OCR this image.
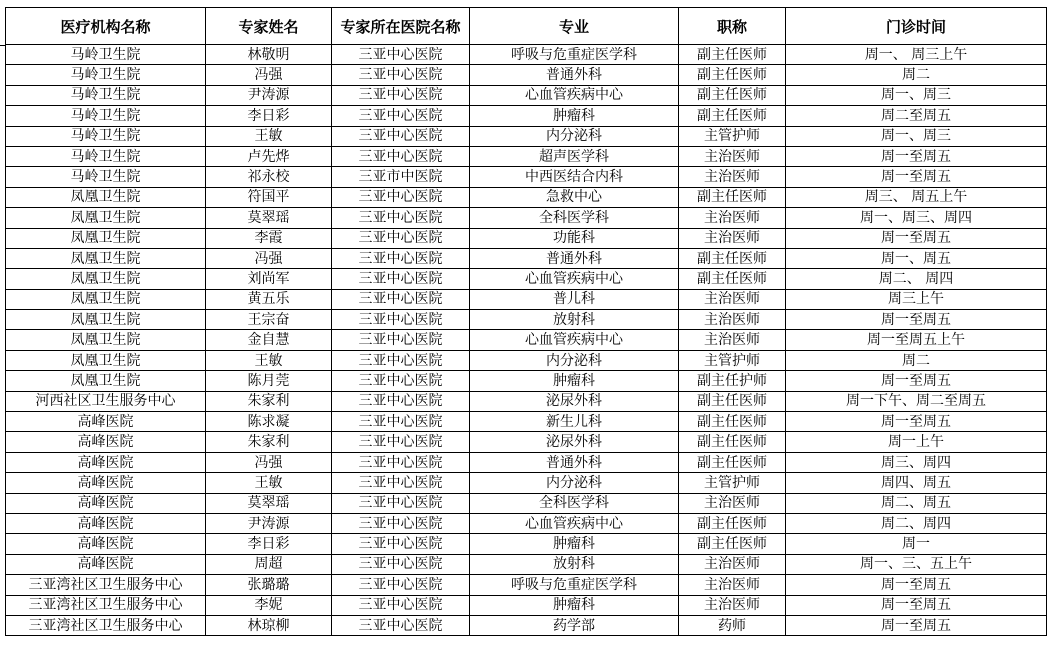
医疗机构名称	专家姓名	专家所在医院名称	专业	职称	门诊时间
马岭卫生院	林敬明	三亚中心医院	呼吸与危重症医学科	副主任医师	周一、 周三上午
马岭卫生院	冯强	三亚中心医院	普通外科	副主任医师	周二
马岭卫生院	尹涛源	三亚中心医院	心血管疾病中心	副主任医师	周一、周三
马岭卫生院	李日彩	三亚中心医院	肿瘤科	副主任医师	周二至周五
马岭卫生院	王敏	三亚中心医院	内分泌科	主管护师	周一、周三
马岭卫生院	卢先烨	三亚中心医院	超声医学科	主治医师	周一至周五
马岭卫生院	祁永校	三亚市中医院	中西医结合内科	主治医师	周一至周五
凤凰卫生院	符国平	三亚中心医院	急救中心	副主任医师	周三、 周五上午
凤凰卫生院	莫翠瑶	三亚中心医院	全科医学科	主治医师	周一、周三、周四
凤凰卫生院	李霞	三亚中心医院	功能科	主治医师	周一至周五
凤凰卫生院	冯强	三亚中心医院	普通外科	副主任医师	周一、周五
凤凰卫生院	刘尚军	三亚中心医院	心血管疾病中心	副主任医师	周二、 周四
凤凰卫生院	黄五乐	三亚中心医院	普儿科	主治医师	周三上午
凤凰卫生院	王宗奋	三亚中心医院	放射科	主治医师	周一至周五
凤凰卫生院	金自慧	三亚中心医院	心血管疾病中心	主治医师	周一至周五上午
凤凰卫生院	王敏	三亚中心医院	内分泌科	主管护师	周二
凤凰卫生院	陈月莞	三亚中心医院	肿瘤科	副主任护师	周一至周五
河西社区卫生服务中心	朱家利	三亚中心医院	泌尿外科	副主任医师	周一下午、周二至周五
高峰医院	陈求凝	三亚中心医院	新生儿科	副主任医师	周一至周五
高峰医院	朱家利	三亚中心医院	泌尿外科	副主任医师	周一上午
高峰医院	冯强	三亚中心医院	普通外科	副主任医师	周三、周四
高峰医院	王敏	三亚中心医院	内分泌科	主管护师	周四、周五
高峰医院	莫翠瑶	三亚中心医院	全科医学科	主治医师	周二、周五
高峰医院	尹涛源	三亚中心医院	心血管疾病中心	副主任医师	周二、周四
高峰医院	李日彩	三亚中心医院	肿瘤科	副主任医师	周一
高峰医院	周超	三亚中心医院	放射科	主治医师	周一、三、五上午
三亚湾社区卫生服务中心	张璐璐	三亚中心医院	呼吸与危重症医学科	主治医师	周一至周五
三亚湾社区卫生服务中心	李妮	三亚中心医院	肿瘤科	主治医师	周一至周五
三亚湾社区卫生服务中心	林琼柳	三亚中心医院	药学部	药师	周一至周五
